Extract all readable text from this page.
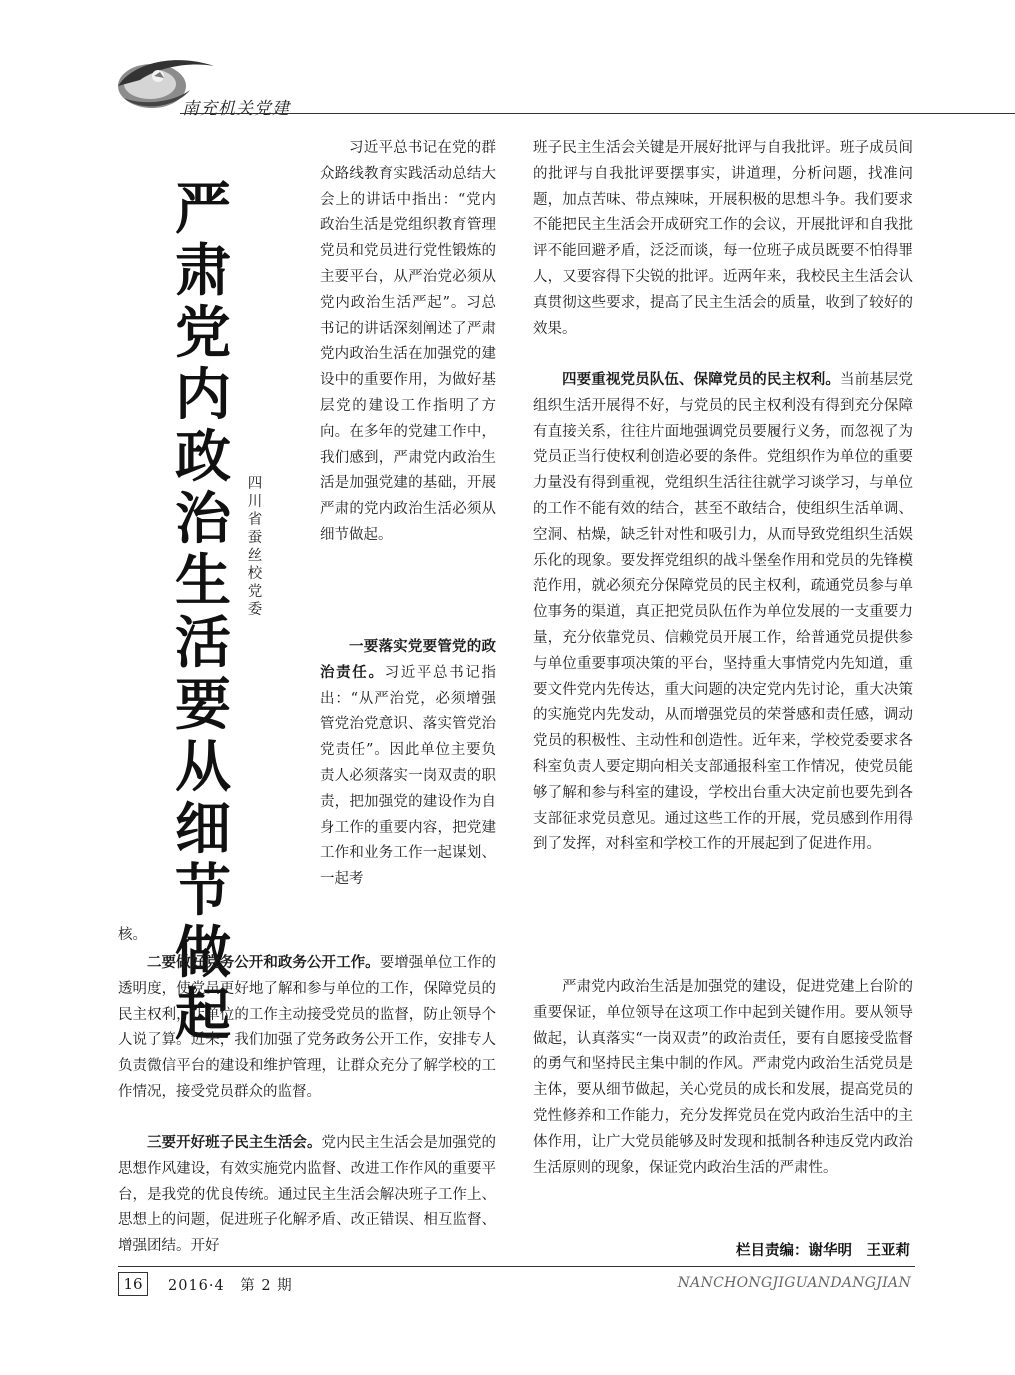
南充机关党建
严
肃
党
内
政
治
生
活
要
从
细
节
做
起
四
川
省
蚕
丝
校
党
委

习近平总书记在党的群众路线教育实践活动总结大会上的讲话中指出：“党内政治生活是党组织教育管理党员和党员进行党性锻炼的主要平台，从严治党必须从党内政治生活严起”。习总书记的讲话深刻阐述了严肃党内政治生活在加强党的建设中的重要作用，为做好基层党的建设工作指明了方向。在多年的党建工作中，我们感到，严肃党内政治生活是加强党建的基础，开展严肃的党内政治生活必须从细节做起。

一要落实党要管党的政治责任。习近平总书记指出：“从严治党，必须增强管党治党意识、落实管党治党责任”。因此单位主要负责人必须落实一岗双责的职责，把加强党的建设作为自身工作的重要内容，把党建工作和业务工作一起谋划、一起考

核。

二要做好党务公开和政务公开工作。要增强单位工作的透明度，使党员更好地了解和参与单位的工作，保障党员的民主权利，让单位的工作主动接受党员的监督，防止领导个人说了算。近来，我们加强了党务政务公开工作，安排专人负责微信平台的建设和维护管理，让群众充分了解学校的工作情况，接受党员群众的监督。

三要开好班子民主生活会。党内民主生活会是加强党的思想作风建设，有效实施党内监督、改进工作作风的重要平台，是我党的优良传统。通过民主生活会解决班子工作上、思想上的问题，促进班子化解矛盾、改正错误、相互监督、增强团结。开好

班子民主生活会关键是开展好批评与自我批评。班子成员间的批评与自我批评要摆事实，讲道理，分析问题，找准问题，加点苦味、带点辣味，开展积极的思想斗争。我们要求不能把民主生活会开成研究工作的会议，开展批评和自我批评不能回避矛盾，泛泛而谈，每一位班子成员既要不怕得罪人，又要容得下尖锐的批评。近两年来，我校民主生活会认真贯彻这些要求，提高了民主生活会的质量，收到了较好的效果。

四要重视党员队伍、保障党员的民主权利。当前基层党组织生活开展得不好，与党员的民主权利没有得到充分保障有直接关系，往往片面地强调党员要履行义务，而忽视了为党员正当行使权利创造必要的条件。党组织作为单位的重要力量没有得到重视，党组织生活往往就学习谈学习，与单位的工作不能有效的结合，甚至不敢结合，使组织生活单调、空洞、枯燥，缺乏针对性和吸引力，从而导致党组织生活娱乐化的现象。要发挥党组织的战斗堡垒作用和党员的先锋模范作用，就必须充分保障党员的民主权利，疏通党员参与单位事务的渠道，真正把党员队伍作为单位发展的一支重要力量，充分依靠党员、信赖党员开展工作，给普通党员提供参与单位重要事项决策的平台，坚持重大事情党内先知道，重要文件党内先传达，重大问题的决定党内先讨论，重大决策的实施党内先发动，从而增强党员的荣誉感和责任感，调动党员的积极性、主动性和创造性。近年来，学校党委要求各科室负责人要定期向相关支部通报科室工作情况，使党员能够了解和参与科室的建设，学校出台重大决定前也要先到各支部征求党员意见。通过这些工作的开展，党员感到作用得到了发挥，对科室和学校工作的开展起到了促进作用。

严肃党内政治生活是加强党的建设，促进党建上台阶的重要保证，单位领导在这项工作中起到关键作用。要从领导做起，认真落实“一岗双责”的政治责任，要有自愿接受监督的勇气和坚持民主集中制的作风。严肃党内政治生活党员是主体，要从细节做起，关心党员的成长和发展，提高党员的党性修养和工作能力，充分发挥党员在党内政治生活中的主体作用，让广大党员能够及时发现和抵制各种违反党内政治生活原则的现象，保证党内政治生活的严肃性。

栏目责编：谢华明　王亚莉
16	2016·4　第 2 期	NANCHONGJIGUANDANGJIAN
